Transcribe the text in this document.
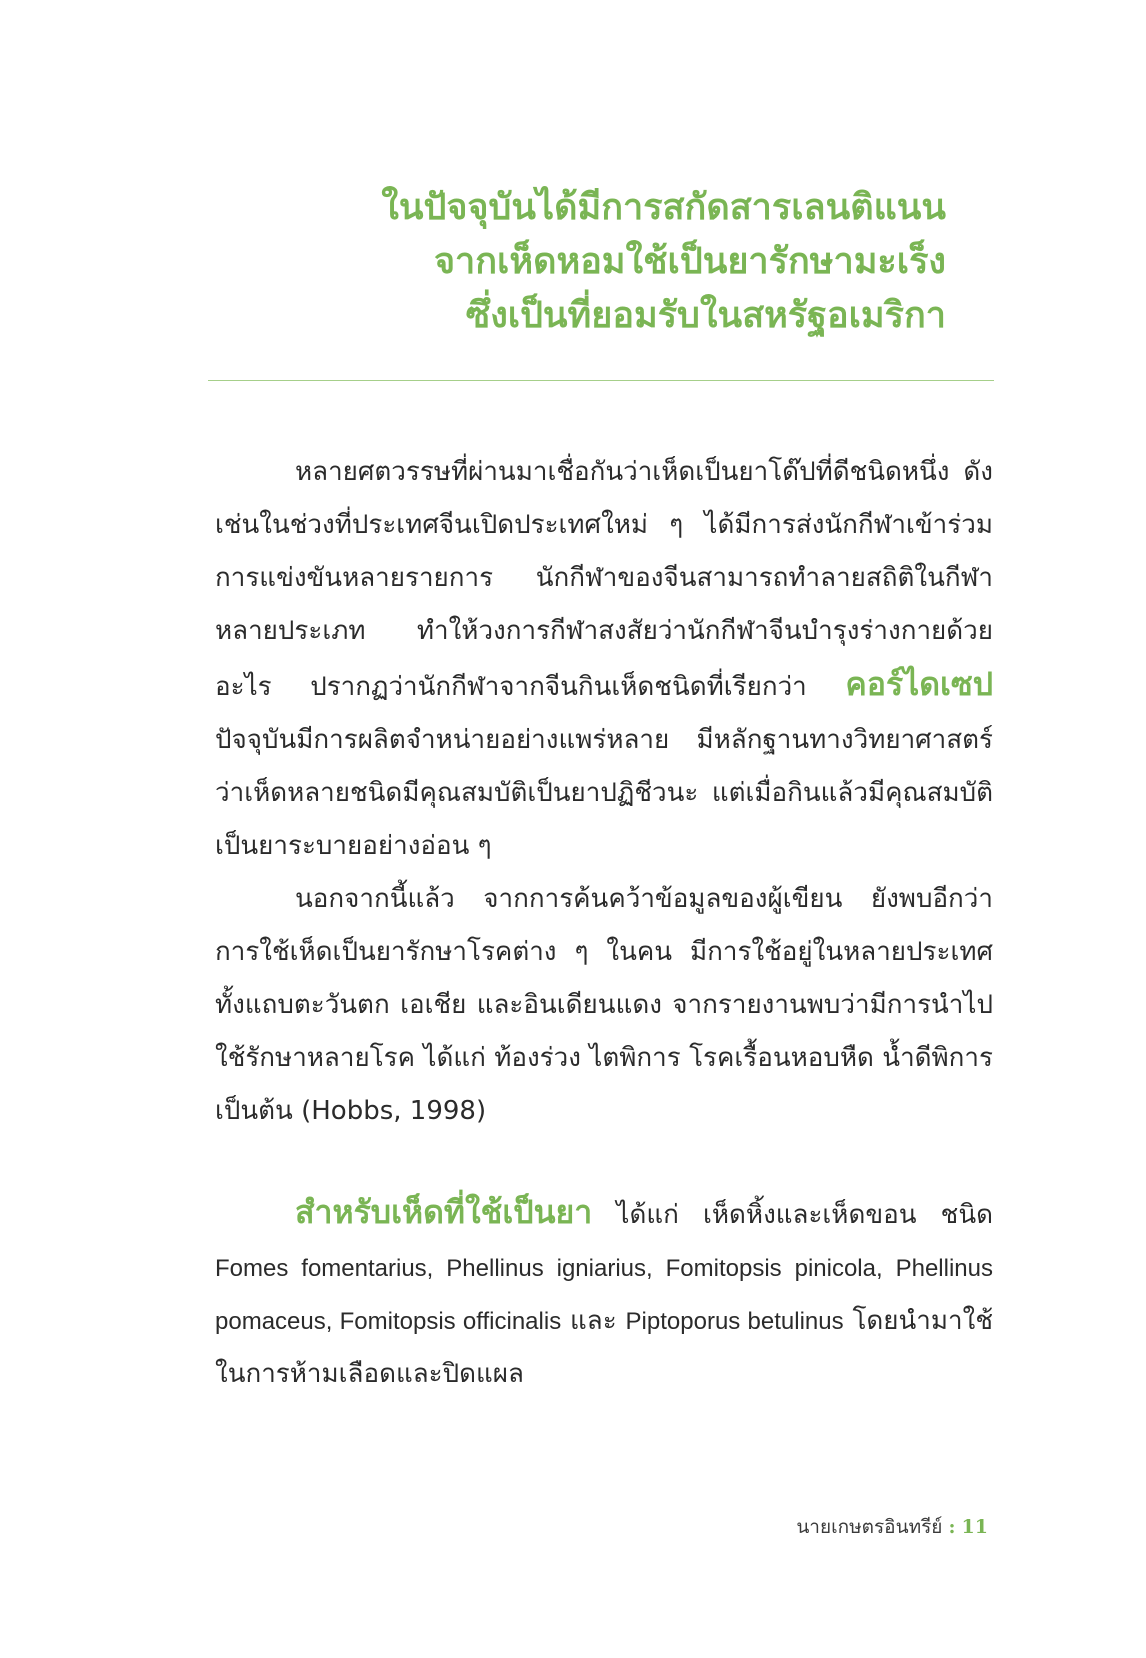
ในปัจจุบันได้มีการสกัดสารเลนติแนน
จากเห็ดหอมใช้เป็นยารักษามะเร็ง
ซึ่งเป็นที่ยอมรับในสหรัฐอเมริกา

หลายศตวรรษที่ผ่านมาเชื่อกันว่าเห็ดเป็นยาโด๊ปที่ดีชนิดหนึ่ง ดังเช่นในช่วงที่ประเทศจีนเปิดประเทศใหม่ ๆ ได้มีการส่งนักกีฬาเข้าร่วมการแข่งขันหลายรายการ นักกีฬาของจีนสามารถทำลายสถิติในกีฬาหลายประเภท ทำให้วงการกีฬาสงสัยว่านักกีฬาจีนบำรุงร่างกายด้วยอะไร ปรากฏว่านักกีฬาจากจีนกินเห็ดชนิดที่เรียกว่า คอร์ไดเซป ปัจจุบันมีการผลิตจำหน่ายอย่างแพร่หลาย มีหลักฐานทางวิทยาศาสตร์ว่าเห็ดหลายชนิดมีคุณสมบัติเป็นยาปฏิชีวนะ แต่เมื่อกินแล้วมีคุณสมบัติเป็นยาระบายอย่างอ่อน ๆ

นอกจากนี้แล้ว จากการค้นคว้าข้อมูลของผู้เขียน ยังพบอีกว่า การใช้เห็ดเป็นยารักษาโรคต่าง ๆ ในคน มีการใช้อยู่ในหลายประเทศ ทั้งแถบตะวันตก เอเชีย และอินเดียนแดง จากรายงานพบว่ามีการนำไปใช้รักษาหลายโรค ได้แก่ ท้องร่วง ไตพิการ โรคเรื้อนหอบหืด น้ำดีพิการ เป็นต้น (Hobbs, 1998)

สำหรับเห็ดที่ใช้เป็นยา ได้แก่ เห็ดหิ้งและเห็ดขอน ชนิด Fomes fomentarius, Phellinus igniarius, Fomitopsis pinicola, Phellinus pomaceus, Fomitopsis officinalis และ Piptoporus betulinus โดยนำมาใช้ในการห้ามเลือดและปิดแผล

นายเกษตรอินทรีย์ : 11
